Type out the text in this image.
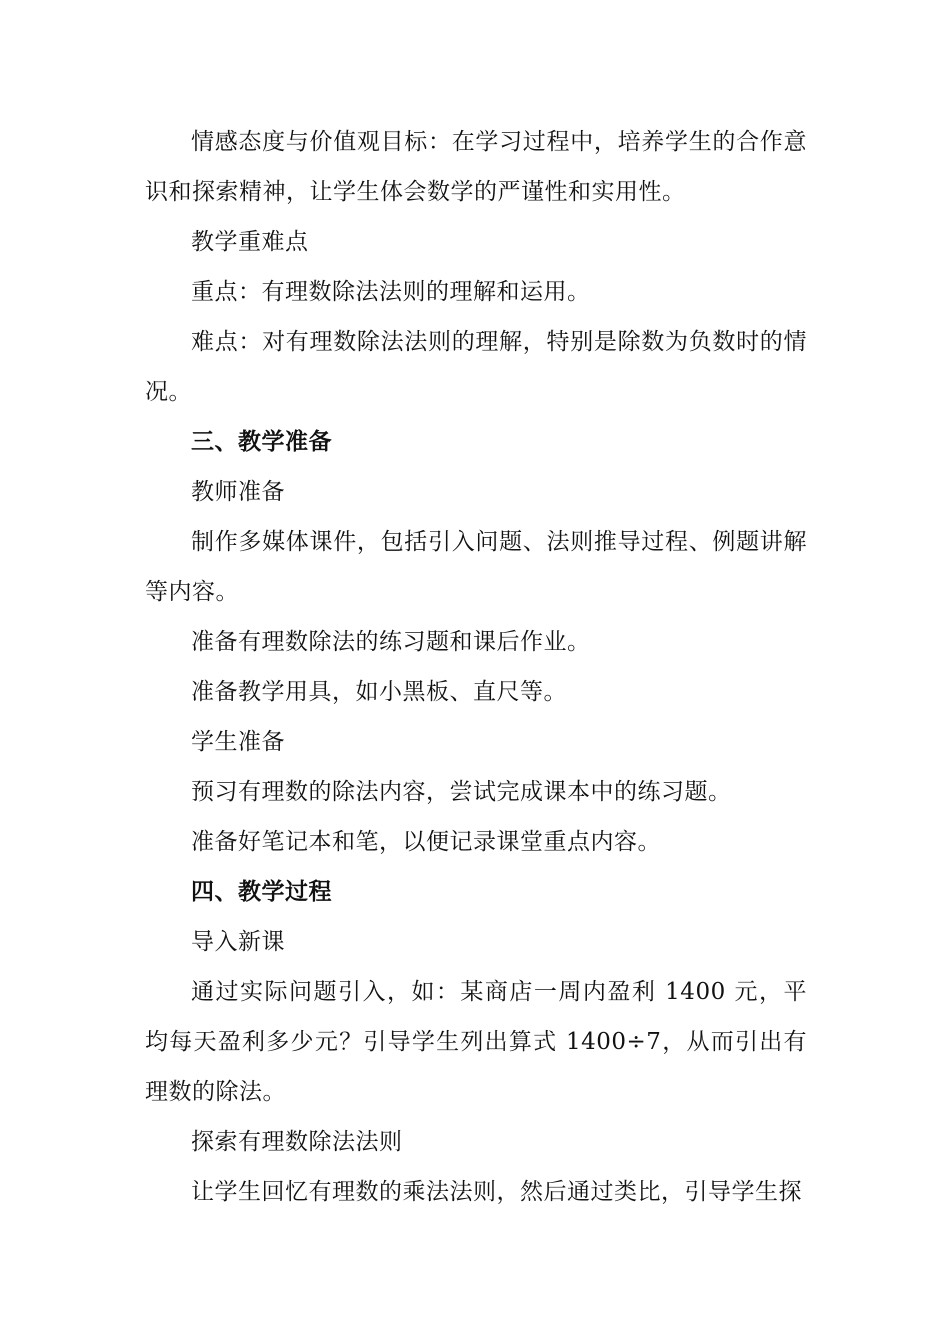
情感态度与价值观目标：在学习过程中，培养学生的合作意识和探索精神，让学生体会数学的严谨性和实用性。

教学重难点

重点：有理数除法法则的理解和运用。

难点：对有理数除法法则的理解，特别是除数为负数时的情况。

三、教学准备

教师准备

制作多媒体课件，包括引入问题、法则推导过程、例题讲解等内容。

准备有理数除法的练习题和课后作业。

准备教学用具，如小黑板、直尺等。

学生准备

预习有理数的除法内容，尝试完成课本中的练习题。

准备好笔记本和笔，以便记录课堂重点内容。

四、教学过程

导入新课

通过实际问题引入，如：某商店一周内盈利 1400 元，平均每天盈利多少元？引导学生列出算式 1400÷7，从而引出有理数的除法。

探索有理数除法法则

让学生回忆有理数的乘法法则，然后通过类比，引导学生探
